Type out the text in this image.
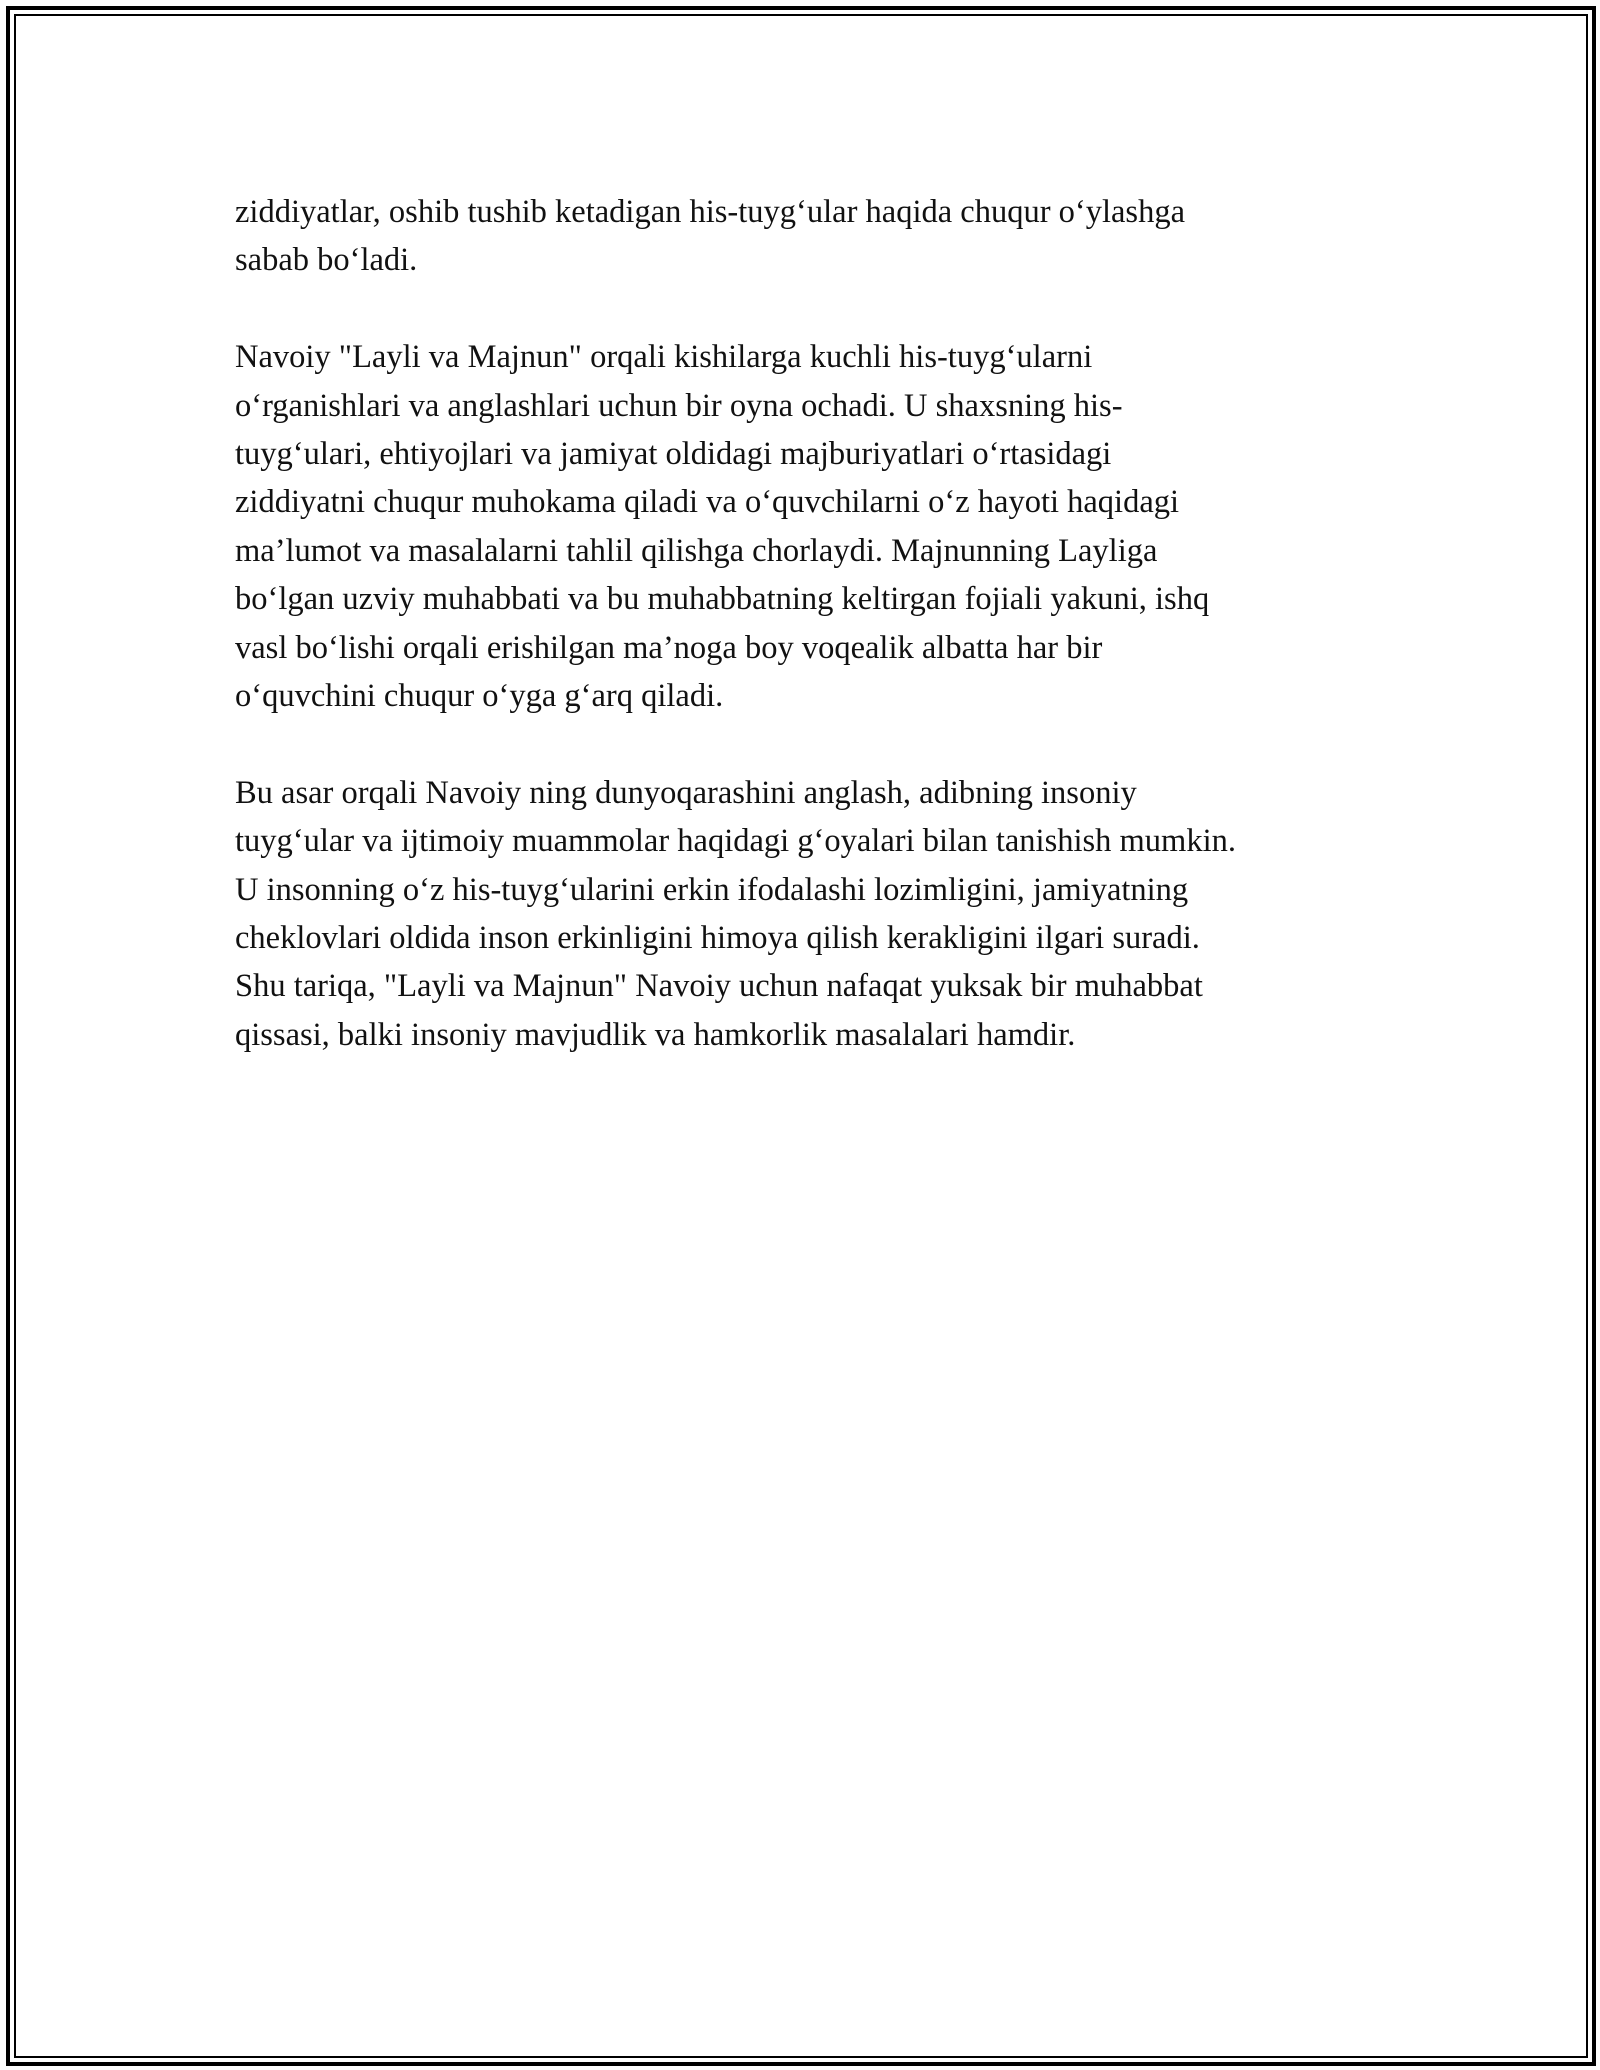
ziddiyatlar, oshib tushib ketadigan his-tuyg‘ular haqida chuqur o‘ylashga
sabab bo‘ladi.

Navoiy "Layli va Majnun" orqali kishilarga kuchli his-tuyg‘ularni
o‘rganishlari va anglashlari uchun bir oyna ochadi. U shaxsning his-
tuyg‘ulari, ehtiyojlari va jamiyat oldidagi majburiyatlari o‘rtasidagi
ziddiyatni chuqur muhokama qiladi va o‘quvchilarni o‘z hayoti haqidagi
ma’lumot va masalalarni tahlil qilishga chorlaydi. Majnunning Layliga
bo‘lgan uzviy muhabbati va bu muhabbatning keltirgan fojiali yakuni, ishq
vasl bo‘lishi orqali erishilgan ma’noga boy voqealik albatta har bir
o‘quvchini chuqur o‘yga g‘arq qiladi.

Bu asar orqali Navoiy ning dunyoqarashini anglash, adibning insoniy
tuyg‘ular va ijtimoiy muammolar haqidagi g‘oyalari bilan tanishish mumkin.
U insonning o‘z his-tuyg‘ularini erkin ifodalashi lozimligini, jamiyatning
cheklovlari oldida inson erkinligini himoya qilish kerakligini ilgari suradi.
Shu tariqa, "Layli va Majnun" Navoiy uchun nafaqat yuksak bir muhabbat
qissasi, balki insoniy mavjudlik va hamkorlik masalalari hamdir.
